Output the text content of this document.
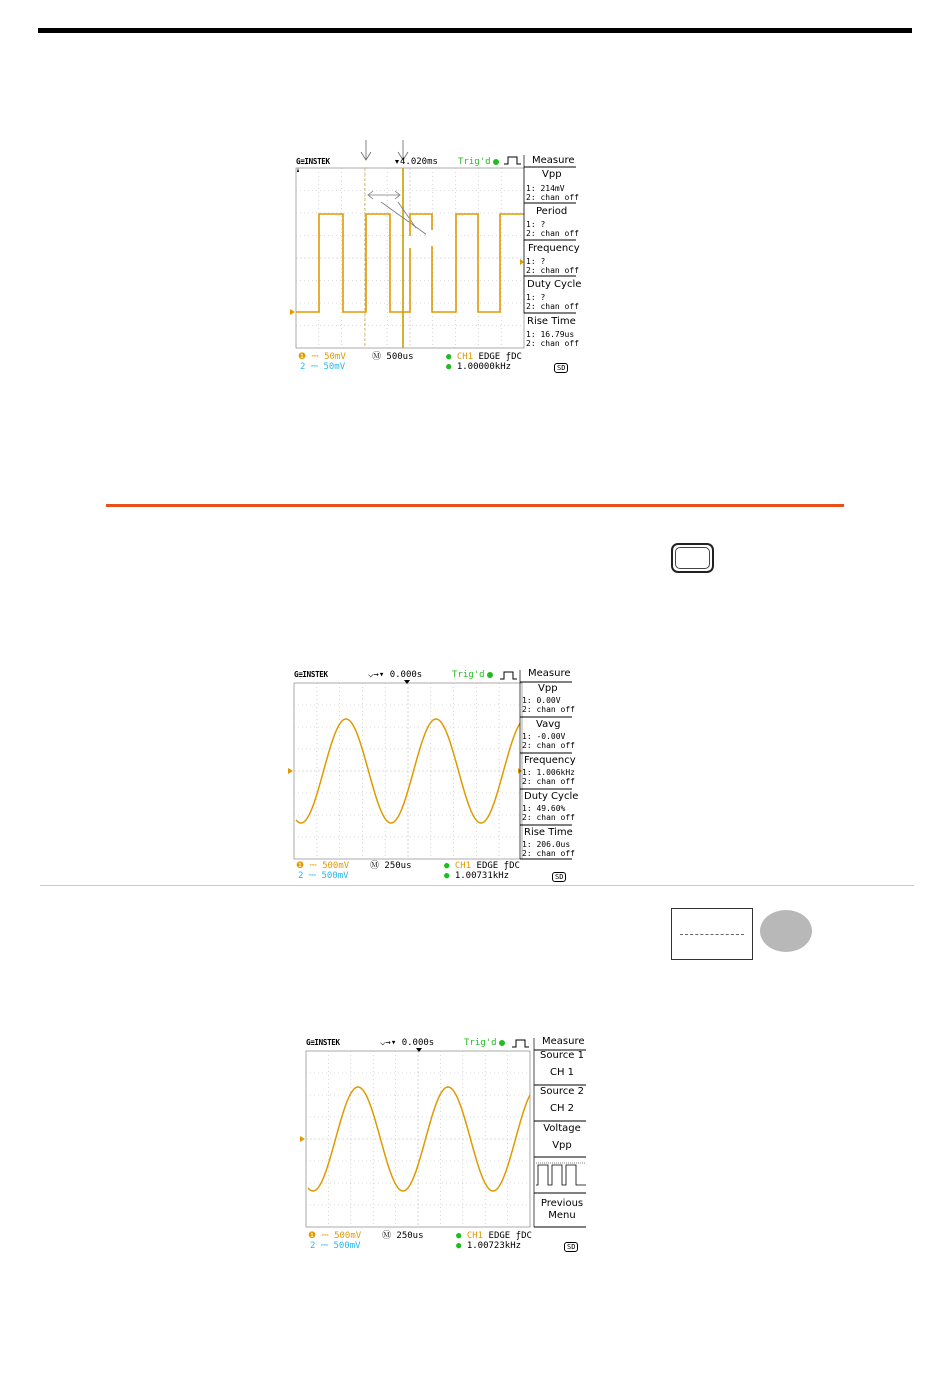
G≡INSTEK	4.020ms Trig'd	Measure
Vpp
1: 214mV
2: chan off
Period
1: ?
2: chan off
Frequency
1: ?
2: chan off
Duty Cycle
1: ?
2: chan off
Rise Time
1: 16.79us
2: chan off
❶ ⎓ 50mV
2 ⎓ 50mV
Ⓜ 500us	● CH1 EDGE ƒDC
● 1.00000kHz	SD
G≡INSTEK	⌵→▾ 0.000s	Trig'd	Measure
Vpp
1: 0.00V
2: chan off
Vavg
1: -0.00V
2: chan off
Frequency
1: 1.006kHz
2: chan off
Duty Cycle
1: 49.60%
2: chan off
Rise Time
1: 206.0us
2: chan off
❶ ⎓ 500mV
2 ⎓ 500mV
Ⓜ 250us	● CH1 EDGE ƒDC
● 1.00731kHz	SD
G≡INSTEK	⌵→▾ 0.000s	Trig'd	Measure
Source 1
CH 1
Source 2
CH 2
Voltage
Vpp
Previous
Menu
❶ ⎓ 500mV
2 ⎓ 500mV
Ⓜ 250us	● CH1 EDGE ƒDC
● 1.00723kHz	SD
